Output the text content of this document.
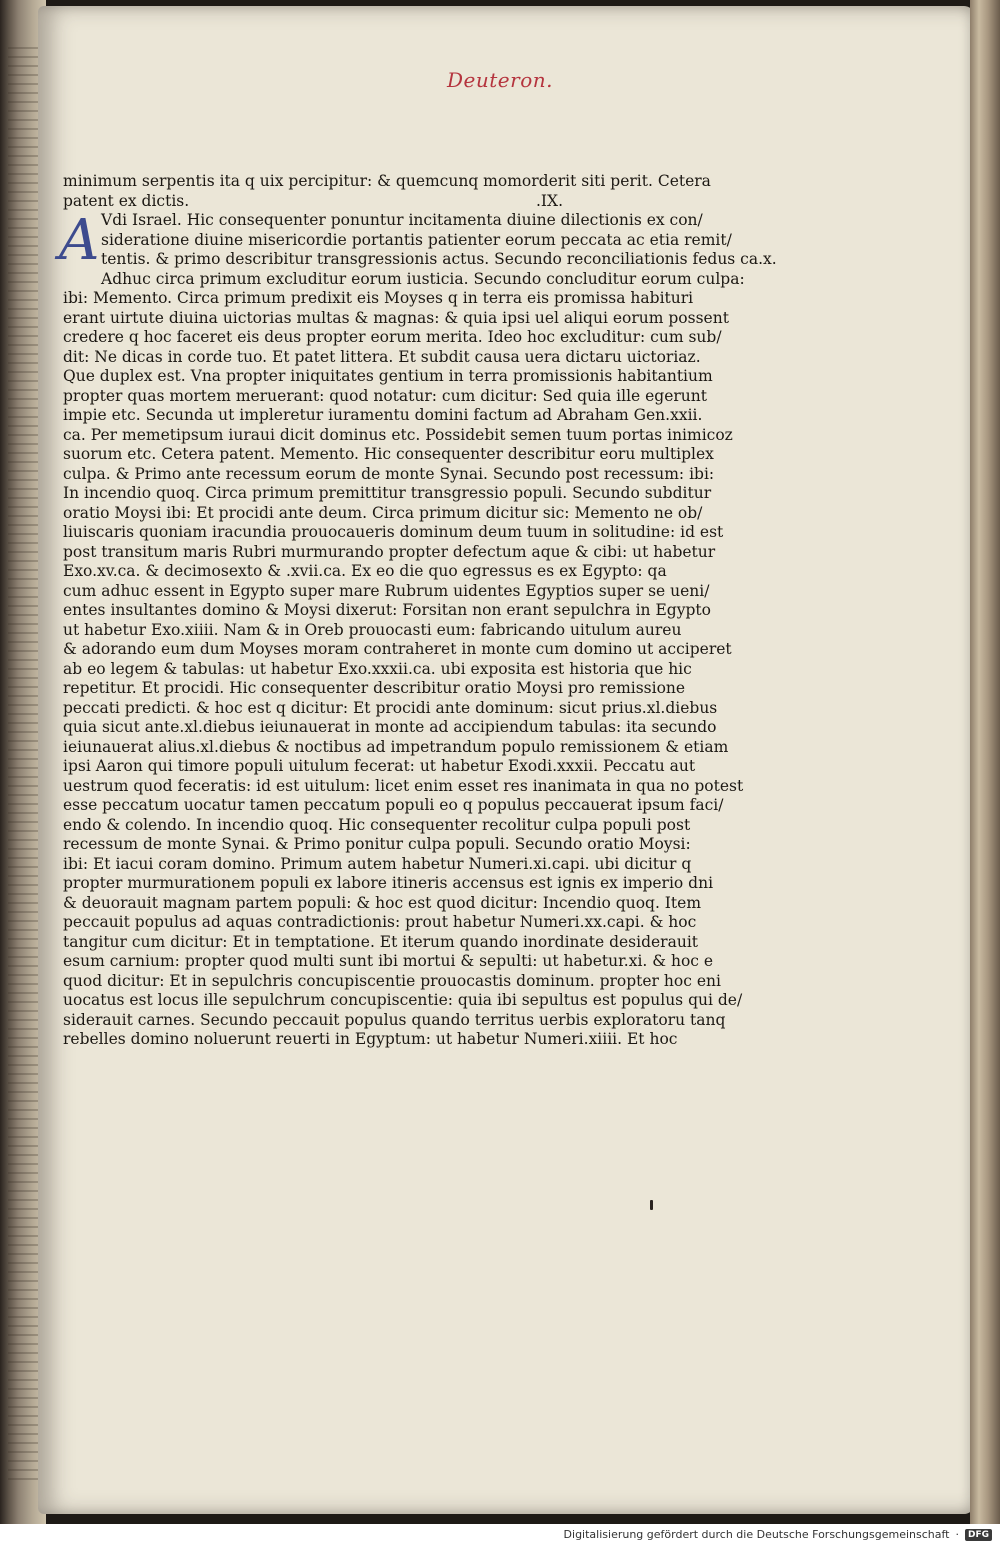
Deuteron.
minimum serpentis ita q uix percipitur: & quemcunq momorderit siti perit. Cetera
patent ex dictis.	.IX.
A Vdi Israel. Hic consequenter ponuntur incitamenta diuine dilectionis ex con/
sideratione diuine misericordie portantis patienter eorum peccata ac etia remit/
tentis. & primo describitur transgressionis actus. Secundo reconciliationis fedus ca.x.
Adhuc circa primum excluditur eorum iusticia. Secundo concluditur eorum culpa:
ibi: Memento. Circa primum predixit eis Moyses q in terra eis promissa habituri
erant uirtute diuina uictorias multas & magnas: & quia ipsi uel aliqui eorum possent
credere q hoc faceret eis deus propter eorum merita. Ideo hoc excluditur: cum sub/
dit: Ne dicas in corde tuo. Et patet littera. Et subdit causa uera dictaru uictoriaz.
Que duplex est. Vna propter iniquitates gentium in terra promissionis habitantium
propter quas mortem meruerant: quod notatur: cum dicitur: Sed quia ille egerunt
impie etc. Secunda ut impleretur iuramentu domini factum ad Abraham Gen.xxii.
ca. Per memetipsum iuraui dicit dominus etc. Possidebit semen tuum portas inimicoz
suorum etc. Cetera patent. Memento. Hic consequenter describitur eoru multiplex
culpa. & Primo ante recessum eorum de monte Synai. Secundo post recessum: ibi:
In incendio quoq. Circa primum premittitur transgressio populi. Secundo subditur
oratio Moysi ibi: Et procidi ante deum. Circa primum dicitur sic: Memento ne ob/
liuiscaris quoniam iracundia prouocaueris dominum deum tuum in solitudine: id est
post transitum maris Rubri murmurando propter defectum aque & cibi: ut habetur
Exo.xv.ca. & decimosexto & .xvii.ca. Ex eo die quo egressus es ex Egypto: qa
cum adhuc essent in Egypto super mare Rubrum uidentes Egyptios super se ueni/
entes insultantes domino & Moysi dixerut: Forsitan non erant sepulchra in Egypto
ut habetur Exo.xiiii. Nam & in Oreb prouocasti eum: fabricando uitulum aureu
& adorando eum dum Moyses moram contraheret in monte cum domino ut acciperet
ab eo legem & tabulas: ut habetur Exo.xxxii.ca. ubi exposita est historia que hic
repetitur. Et procidi. Hic consequenter describitur oratio Moysi pro remissione
peccati predicti. & hoc est q dicitur: Et procidi ante dominum: sicut prius.xl.diebus
quia sicut ante.xl.diebus ieiunauerat in monte ad accipiendum tabulas: ita secundo
ieiunauerat alius.xl.diebus & noctibus ad impetrandum populo remissionem & etiam
ipsi Aaron qui timore populi uitulum fecerat: ut habetur Exodi.xxxii. Peccatu aut
uestrum quod feceratis: id est uitulum: licet enim esset res inanimata in qua no potest
esse peccatum uocatur tamen peccatum populi eo q populus peccauerat ipsum faci/
endo & colendo. In incendio quoq. Hic consequenter recolitur culpa populi post
recessum de monte Synai. & Primo ponitur culpa populi. Secundo oratio Moysi:
ibi: Et iacui coram domino. Primum autem habetur Numeri.xi.capi. ubi dicitur q
propter murmurationem populi ex labore itineris accensus est ignis ex imperio dni
& deuorauit magnam partem populi: & hoc est quod dicitur: Incendio quoq. Item
peccauit populus ad aquas contradictionis: prout habetur Numeri.xx.capi. & hoc
tangitur cum dicitur: Et in temptatione. Et iterum quando inordinate desiderauit
esum carnium: propter quod multi sunt ibi mortui & sepulti: ut habetur.xi. & hoc e
quod dicitur: Et in sepulchris concupiscentie prouocastis dominum. propter hoc eni
uocatus est locus ille sepulchrum concupiscentie: quia ibi sepultus est populus qui de/
siderauit carnes. Secundo peccauit populus quando territus uerbis exploratoru tanq
rebelles domino noluerunt reuerti in Egyptum: ut habetur Numeri.xiiii. Et hoc
Digitalisierung gefördert durch die Deutsche Forschungsgemeinschaft ·	DFG
